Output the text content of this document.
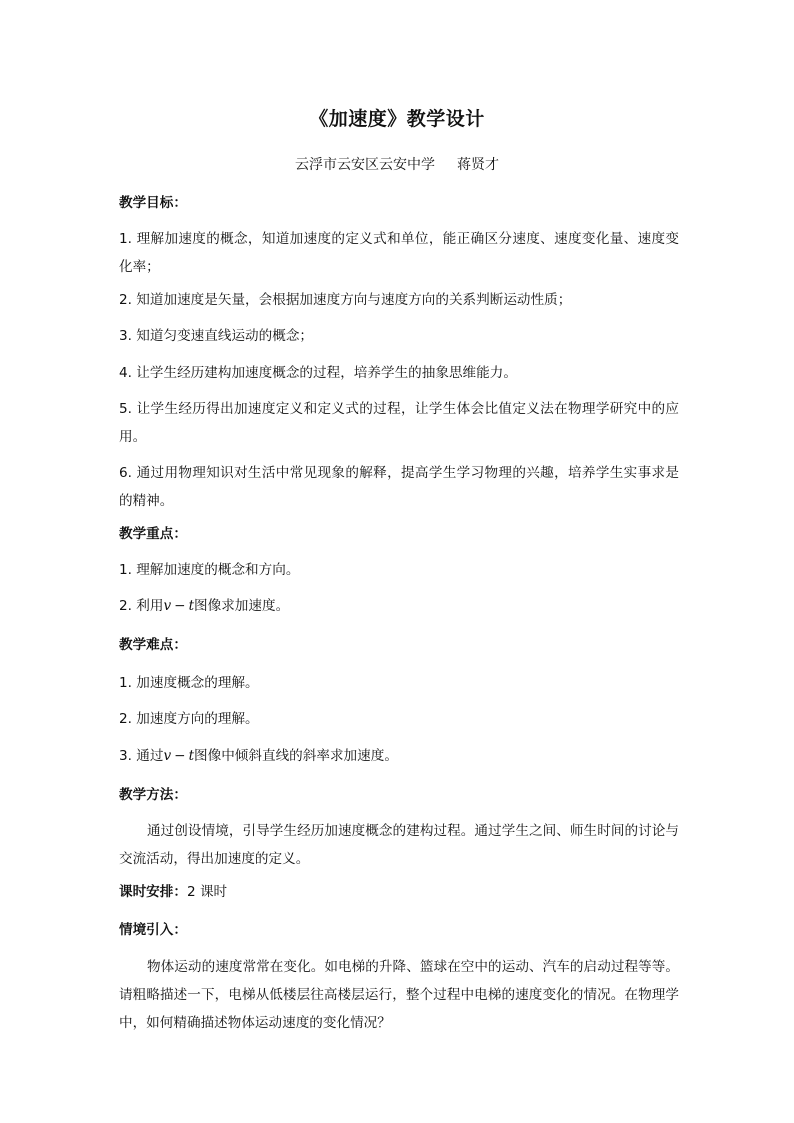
《加速度》教学设计
云浮市云安区云安中学 蒋贤才
教学目标：
1. 理解加速度的概念，知道加速度的定义式和单位，能正确区分速度、速度变化量、速度变化率；
2. 知道加速度是矢量，会根据加速度方向与速度方向的关系判断运动性质；
3. 知道匀变速直线运动的概念；
4. 让学生经历建构加速度概念的过程，培养学生的抽象思维能力。
5. 让学生经历得出加速度定义和定义式的过程，让学生体会比值定义法在物理学研究中的应用。
6. 通过用物理知识对生活中常见现象的解释，提高学生学习物理的兴趣，培养学生实事求是的精神。
教学重点：
1. 理解加速度的概念和方向。
2. 利用v − t图像求加速度。
教学难点：
1. 加速度概念的理解。
2. 加速度方向的理解。
3. 通过v − t图像中倾斜直线的斜率求加速度。
教学方法：
通过创设情境，引导学生经历加速度概念的建构过程。通过学生之间、师生时间的讨论与交流活动，得出加速度的定义。
课时安排：2 课时
情境引入：
物体运动的速度常常在变化。如电梯的升降、篮球在空中的运动、汽车的启动过程等等。请粗略描述一下，电梯从低楼层往高楼层运行，整个过程中电梯的速度变化的情况。在物理学中，如何精确描述物体运动速度的变化情况？
